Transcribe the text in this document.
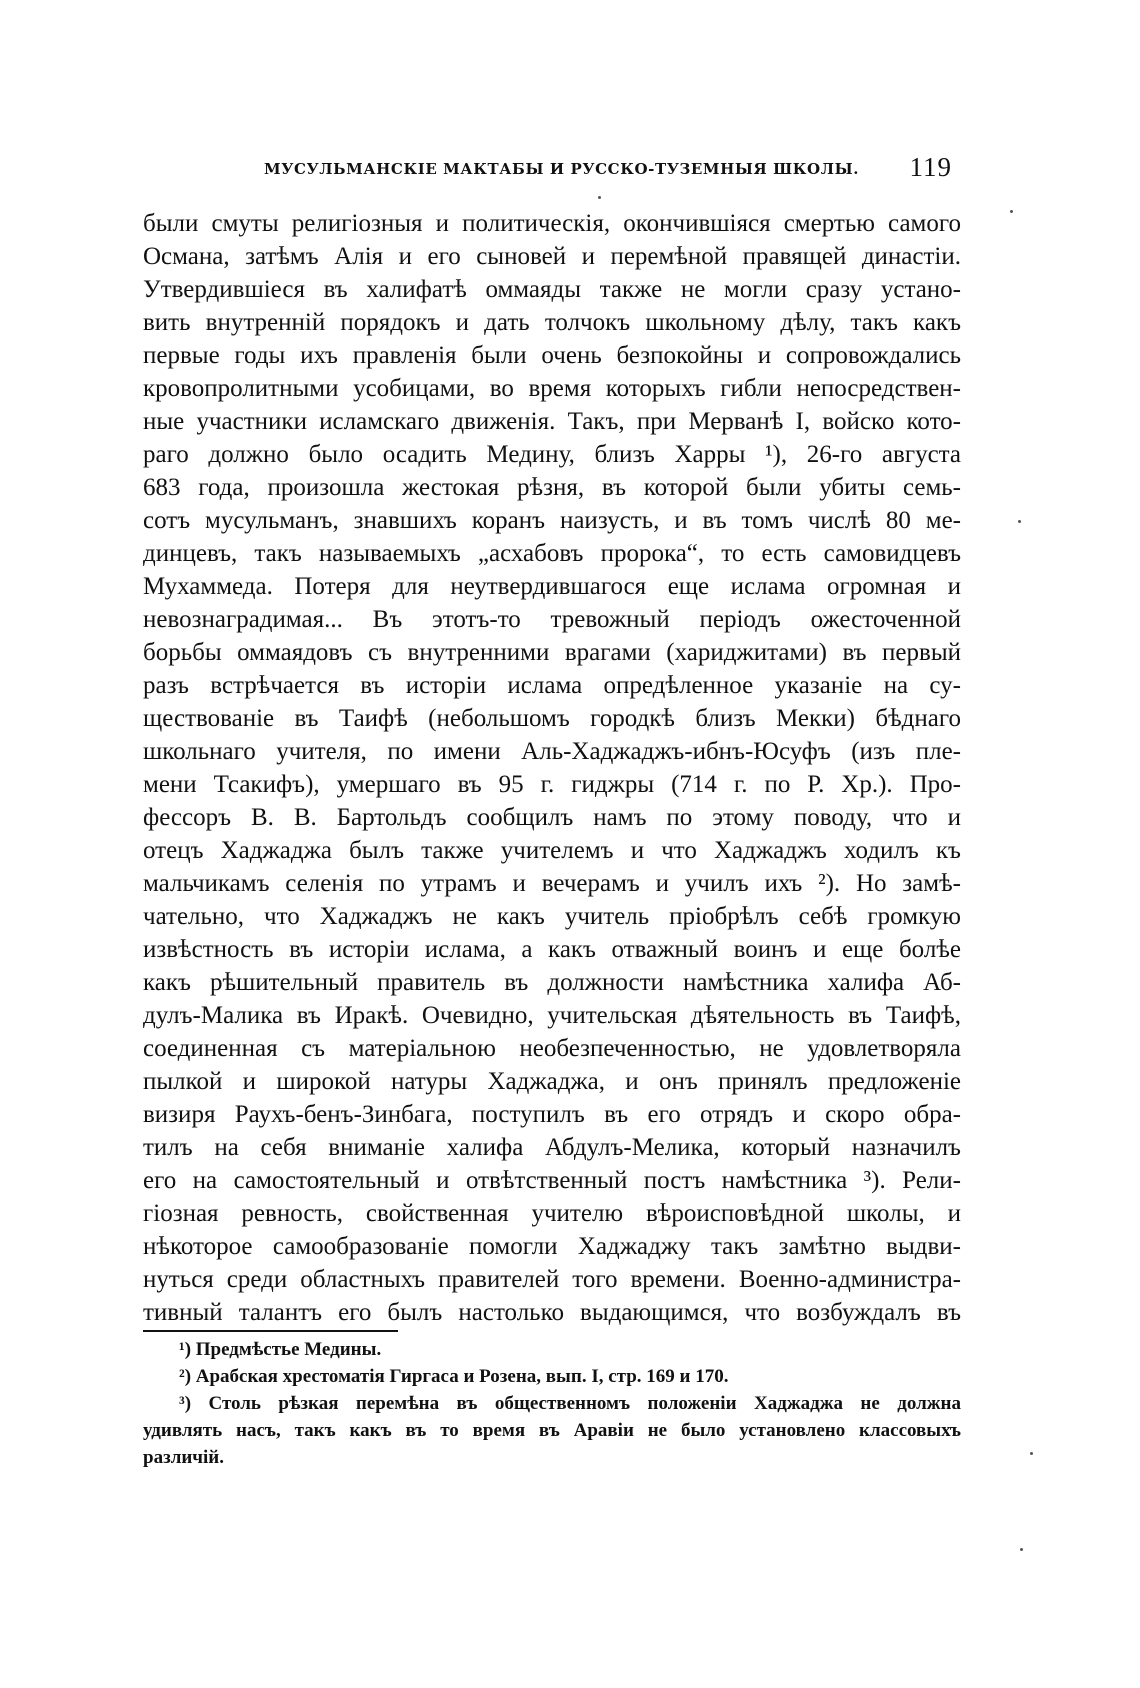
МУСУЛЬМАНСКІЕ МАКТАБЫ И РУССКО-ТУЗЕМНЫЯ ШКОЛЫ. 119
были смуты религіозныя и политическія, окончившіяся смертью самого
Османа, затѣмъ Алія и его сыновей и перемѣной правящей династіи.
Утвердившіеся въ халифатѣ оммаяды также не могли сразу устано-
вить внутренній порядокъ и дать толчокъ школьному дѣлу, такъ какъ
первые годы ихъ правленія были очень безпокойны и сопровождались
кровопролитными усобицами, во время которыхъ гибли непосредствен-
ные участники исламскаго движенія. Такъ, при Мерванѣ I, войско кото-
раго должно было осадить Медину, близъ Харры ¹), 26-го августа
683 года, произошла жестокая рѣзня, въ которой были убиты семь-
сотъ мусульманъ, знавшихъ коранъ наизусть, и въ томъ числѣ 80 ме-
динцевъ, такъ называемыхъ „асхабовъ пророка“, то есть самовидцевъ
Мухаммеда. Потеря для неутвердившагося еще ислама огромная и
невознаградимая... Въ этотъ-то тревожный періодъ ожесточенной
борьбы оммаядовъ съ внутренними врагами (хариджитами) въ первый
разъ встрѣчается въ исторіи ислама опредѣленное указаніе на су-
ществованіе въ Таифѣ (небольшомъ городкѣ близъ Мекки) бѣднаго
школьнаго учителя, по имени Аль-Хаджаджъ-ибнъ-Юсуфъ (изъ пле-
мени Тсакифъ), умершаго въ 95 г. гиджры (714 г. по Р. Хр.). Про-
фессоръ В. В. Бартольдъ сообщилъ намъ по этому поводу, что и
отецъ Хаджаджа былъ также учителемъ и что Хаджаджъ ходилъ къ
мальчикамъ селенія по утрамъ и вечерамъ и училъ ихъ ²). Но замѣ-
чательно, что Хаджаджъ не какъ учитель пріобрѣлъ себѣ громкую
извѣстность въ исторіи ислама, а какъ отважный воинъ и еще болѣе
какъ рѣшительный правитель въ должности намѣстника халифа Аб-
дулъ-Малика въ Иракѣ. Очевидно, учительская дѣятельность въ Таифѣ,
соединенная съ матеріальною необезпеченностью, не удовлетворяла
пылкой и широкой натуры Хаджаджа, и онъ принялъ предложеніе
визиря Раухъ-бенъ-Зинбага, поступилъ въ его отрядъ и скоро обра-
тилъ на себя вниманіе халифа Абдулъ-Мелика, который назначилъ
его на самостоятельный и отвѣтственный постъ намѣстника ³). Рели-
гіозная ревность, свойственная учителю вѣроисповѣдной школы, и
нѣкоторое самообразованіе помогли Хаджаджу такъ замѣтно выдви-
нуться среди областныхъ правителей того времени. Военно-администра-
тивный талантъ его былъ настолько выдающимся, что возбуждалъ въ
¹) Предмѣстье Медины.
²) Арабская хрестоматія Гиргаса и Розена, вып. I, стр. 169 и 170.
³) Столь рѣзкая перемѣна въ общественномъ положеніи Хаджаджа не должна
удивлять насъ, такъ какъ въ то время въ Аравіи не было установлено классовыхъ
различій.
